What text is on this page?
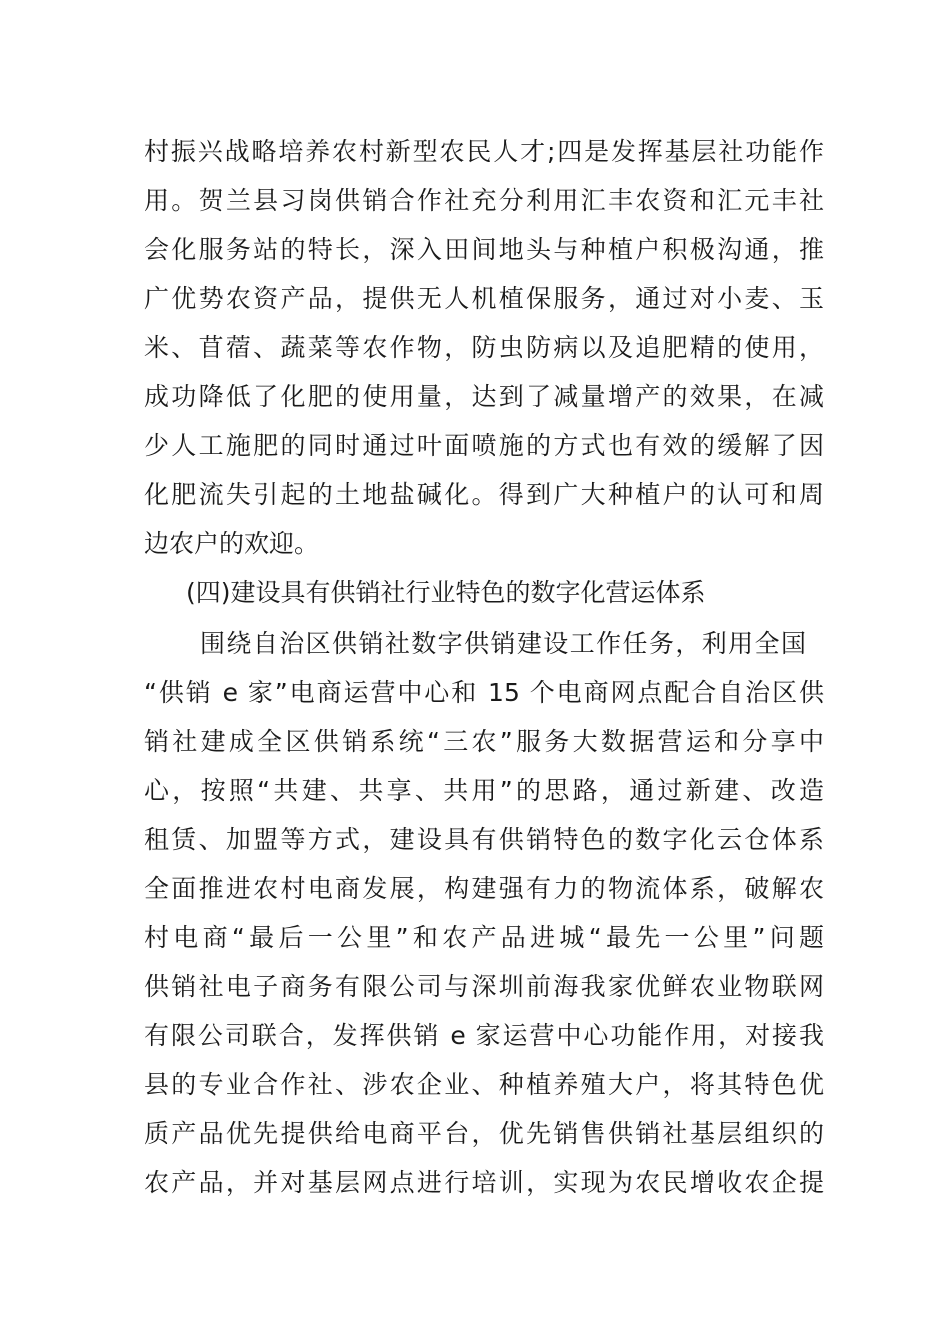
村振兴战略培养农村新型农民人才;四是发挥基层社功能作
用。贺兰县习岗供销合作社充分利用汇丰农资和汇元丰社
会化服务站的特长，深入田间地头与种植户积极沟通，推
广优势农资产品，提供无人机植保服务，通过对小麦、玉
米、苜蓿、蔬菜等农作物，防虫防病以及追肥精的使用，
成功降低了化肥的使用量，达到了减量增产的效果，在减
少人工施肥的同时通过叶面喷施的方式也有效的缓解了因
化肥流失引起的土地盐碱化。得到广大种植户的认可和周
边农户的欢迎。
(四)建设具有供销社行业特色的数字化营运体系
围绕自治区供销社数字供销建设工作任务，利用全国
“供销 e 家”电商运营中心和 15 个电商网点配合自治区供
销社建成全区供销系统“三农”服务大数据营运和分享中
心，按照“共建、共享、共用”的思路，通过新建、改造
租赁、加盟等方式，建设具有供销特色的数字化云仓体系
全面推进农村电商发展，构建强有力的物流体系，破解农
村电商“最后一公里”和农产品进城“最先一公里”问题
供销社电子商务有限公司与深圳前海我家优鲜农业物联网
有限公司联合，发挥供销 e 家运营中心功能作用，对接我
县的专业合作社、涉农企业、种植养殖大户，将其特色优
质产品优先提供给电商平台，优先销售供销社基层组织的
农产品，并对基层网点进行培训，实现为农民增收农企提
